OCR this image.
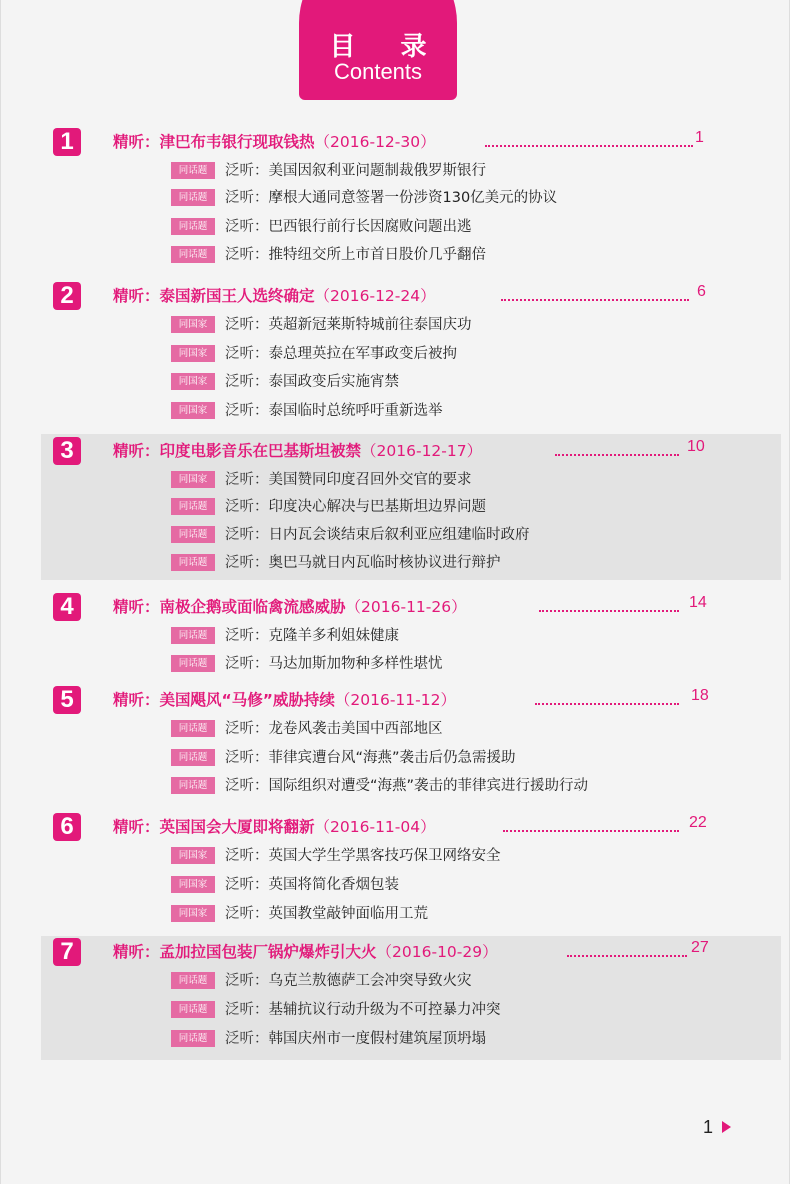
目 录
Contents
1	精听：津巴布韦银行现取钱热（2016-12-30）	1
同话题 泛听：美国因叙利亚问题制裁俄罗斯银行
同话题 泛听：摩根大通同意签署一份涉资130亿美元的协议
同话题 泛听：巴西银行前行长因腐败问题出逃
同话题 泛听：推特纽交所上市首日股价几乎翻倍
2	精听：泰国新国王人选终确定（2016-12-24）	6
同国家 泛听：英超新冠莱斯特城前往泰国庆功
同国家 泛听：泰总理英拉在军事政变后被拘
同国家 泛听：泰国政变后实施宵禁
同国家 泛听：泰国临时总统呼吁重新选举
3	精听：印度电影音乐在巴基斯坦被禁（2016-12-17）	10
同国家 泛听：美国赞同印度召回外交官的要求
同话题 泛听：印度决心解决与巴基斯坦边界问题
同话题 泛听：日内瓦会谈结束后叙利亚应组建临时政府
同话题 泛听：奥巴马就日内瓦临时核协议进行辩护
4	精听：南极企鹅或面临禽流感威胁（2016-11-26）	14
同话题 泛听：克隆羊多利姐妹健康
同话题 泛听：马达加斯加物种多样性堪忧
5	精听：美国飓风“马修”威胁持续（2016-11-12）	18
同话题 泛听：龙卷风袭击美国中西部地区
同话题 泛听：菲律宾遭台风“海燕”袭击后仍急需援助
同话题 泛听：国际组织对遭受“海燕”袭击的菲律宾进行援助行动
6	精听：英国国会大厦即将翻新（2016-11-04）	22
同国家 泛听：英国大学生学黑客技巧保卫网络安全
同国家 泛听：英国将简化香烟包装
同国家 泛听：英国教堂敲钟面临用工荒
7	精听：孟加拉国包装厂锅炉爆炸引大火（2016-10-29）	27
同话题 泛听：乌克兰敖德萨工会冲突导致火灾
同话题 泛听：基辅抗议行动升级为不可控暴力冲突
同话题 泛听：韩国庆州市一度假村建筑屋顶坍塌
1
